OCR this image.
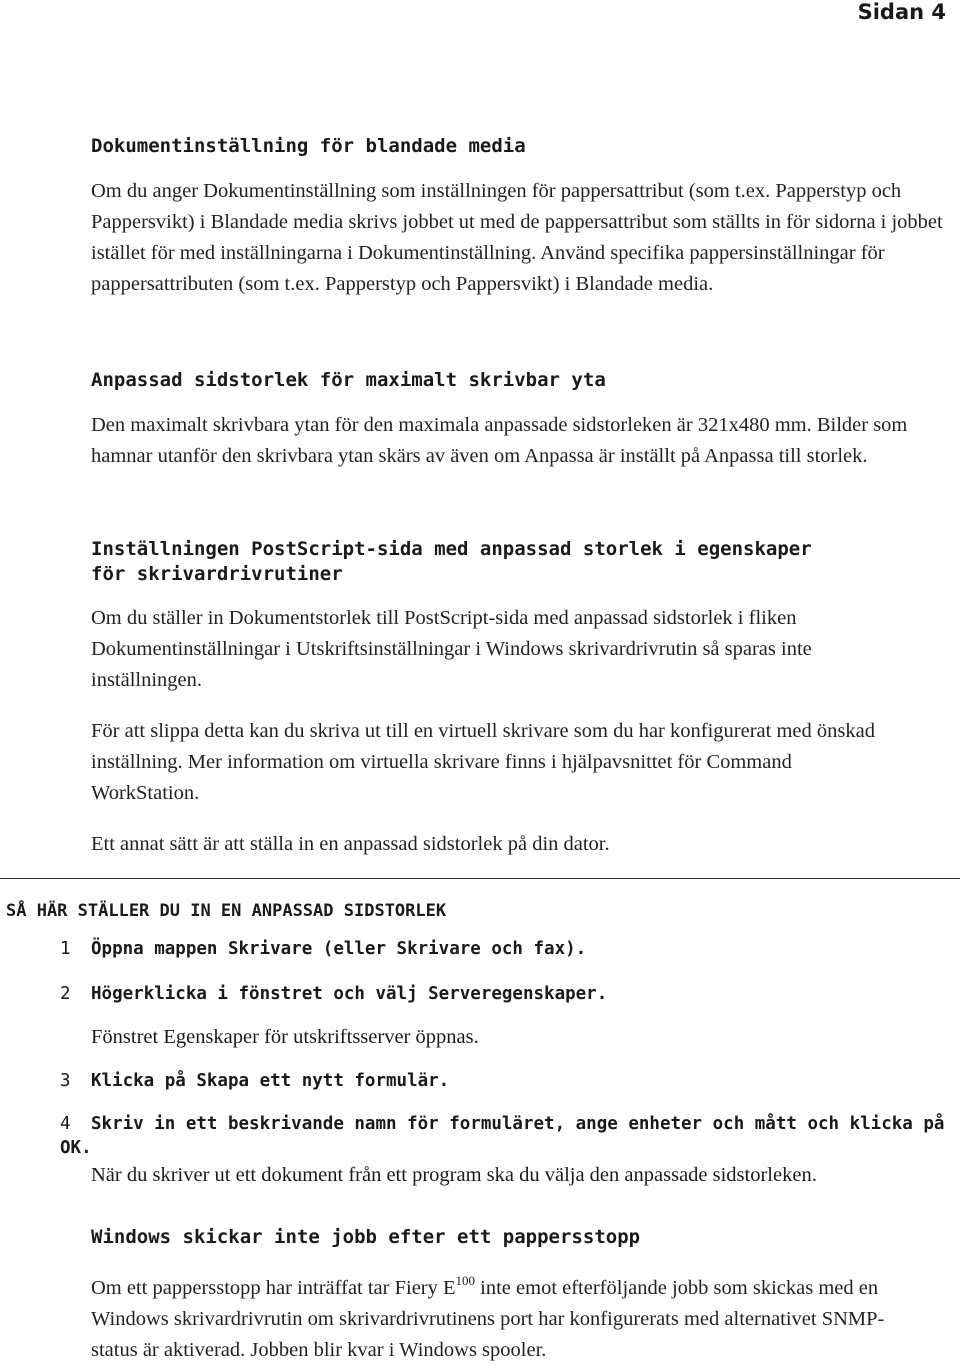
Sidan 4
Dokumentinställning för blandade media

Om du anger Dokumentinställning som inställningen för pappersattribut (som t.ex. Papperstyp och Pappersvikt) i Blandade media skrivs jobbet ut med de pappersattribut som ställts in för sidorna i jobbet istället för med inställningarna i Dokumentinställning. Använd specifika pappersinställningar för pappersattributen (som t.ex. Papperstyp och Pappersvikt) i Blandade media.

Anpassad sidstorlek för maximalt skrivbar yta

Den maximalt skrivbara ytan för den maximala anpassade sidstorleken är 321x480 mm. Bilder som hamnar utanför den skrivbara ytan skärs av även om Anpassa är inställt på Anpassa till storlek.

Inställningen PostScript-sida med anpassad storlek i egenskaper för skrivardrivrutiner

Om du ställer in Dokumentstorlek till PostScript-sida med anpassad sidstorlek i fliken Dokumentinställningar i Utskriftsinställningar i Windows skrivardrivrutin så sparas inte inställningen.

För att slippa detta kan du skriva ut till en virtuell skrivare som du har konfigurerat med önskad inställning. Mer information om virtuella skrivare finns i hjälpavsnittet för Command WorkStation.

Ett annat sätt är att ställa in en anpassad sidstorlek på din dator.

SÅ HÄR STÄLLER DU IN EN ANPASSAD SIDSTORLEK
1 Öppna mappen Skrivare (eller Skrivare och fax).
2 Högerklicka i fönstret och välj Serveregenskaper.
Fönstret Egenskaper för utskriftsserver öppnas.
3 Klicka på Skapa ett nytt formulär.
4 Skriv in ett beskrivande namn för formuläret, ange enheter och mått och klicka på OK.
När du skriver ut ett dokument från ett program ska du välja den anpassade sidstorleken.
Windows skickar inte jobb efter ett pappersstopp

Om ett pappersstopp har inträffat tar Fiery $E^{100}$ inte emot efterföljande jobb som skickas med en Windows skrivardrivrutin om skrivardrivrutinens port har konfigurerats med alternativet SNMP-status är aktiverad. Jobben blir kvar i Windows spooler.
